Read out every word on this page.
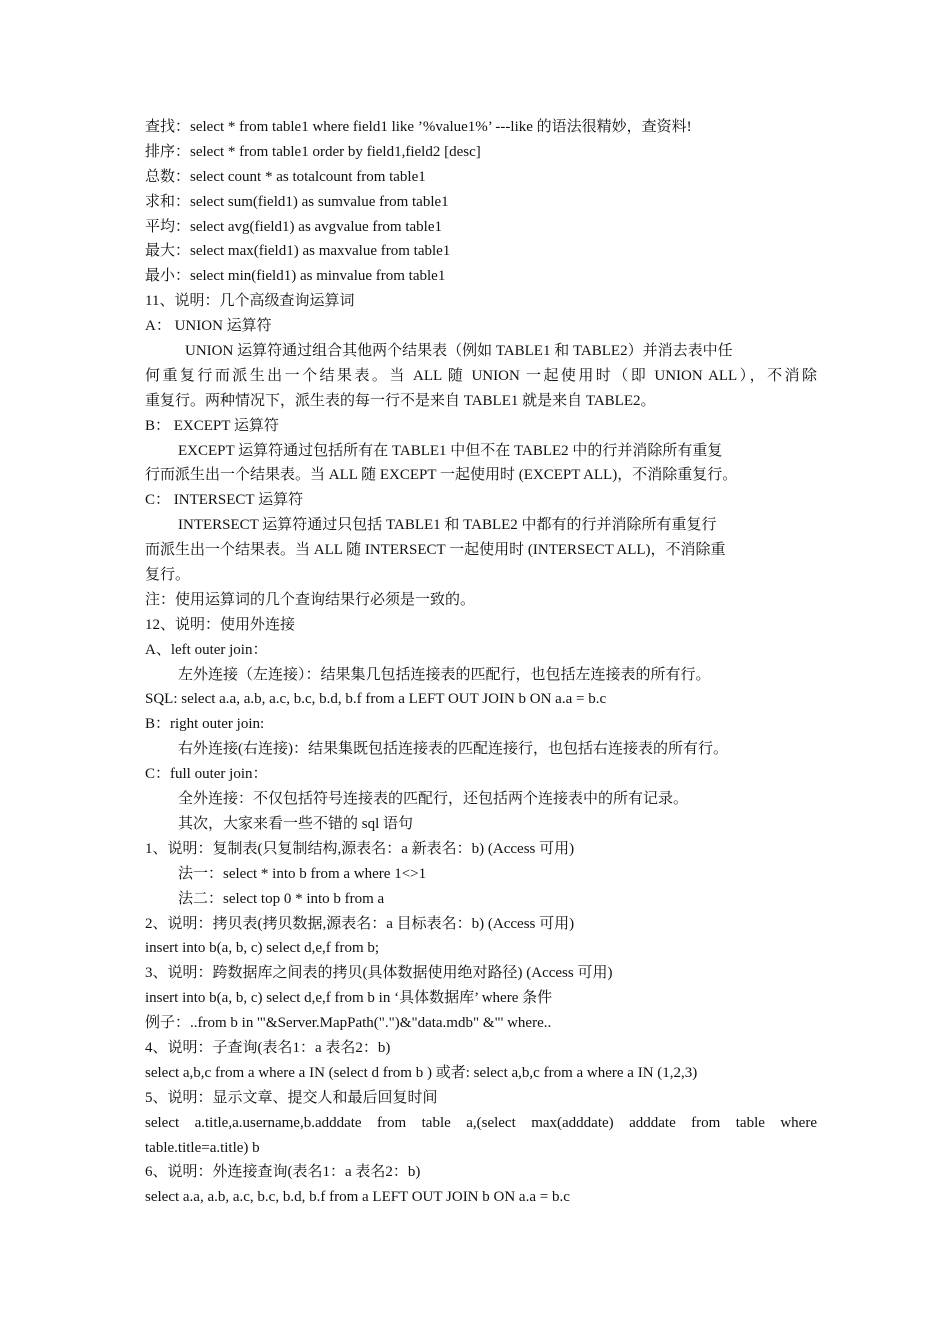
查找：select * from table1 where field1 like ’%value1%’ ---like 的语法很精妙，查资料!
排序：select * from table1 order by field1,field2 [desc]
总数：select count * as totalcount from table1
求和：select sum(field1) as sumvalue from table1
平均：select avg(field1) as avgvalue from table1
最大：select max(field1) as maxvalue from table1
最小：select min(field1) as minvalue from table1
11、说明：几个高级查询运算词
A： UNION 运算符
UNION 运算符通过组合其他两个结果表（例如 TABLE1 和 TABLE2）并消去表中任
何重复行而派生出一个结果表。当 ALL 随 UNION 一起使用时（即 UNION ALL），不消除
重复行。两种情况下，派生表的每一行不是来自 TABLE1 就是来自 TABLE2。
B： EXCEPT 运算符
EXCEPT 运算符通过包括所有在 TABLE1 中但不在 TABLE2 中的行并消除所有重复
行而派生出一个结果表。当 ALL 随 EXCEPT 一起使用时 (EXCEPT ALL)，不消除重复行。
C： INTERSECT 运算符
INTERSECT 运算符通过只包括 TABLE1 和 TABLE2 中都有的行并消除所有重复行
而派生出一个结果表。当 ALL 随 INTERSECT 一起使用时 (INTERSECT ALL)，不消除重
复行。
注：使用运算词的几个查询结果行必须是一致的。
12、说明：使用外连接
A、left outer join：
左外连接（左连接）：结果集几包括连接表的匹配行，也包括左连接表的所有行。
SQL: select a.a, a.b, a.c, b.c, b.d, b.f from a LEFT OUT JOIN b ON a.a = b.c
B：right outer join:
右外连接(右连接)：结果集既包括连接表的匹配连接行，也包括右连接表的所有行。
C：full outer join：
全外连接：不仅包括符号连接表的匹配行，还包括两个连接表中的所有记录。
其次，大家来看一些不错的 sql 语句
1、说明：复制表(只复制结构,源表名：a 新表名：b) (Access 可用)
法一：select * into b from a where 1<>1
法二：select top 0 * into b from a
2、说明：拷贝表(拷贝数据,源表名：a 目标表名：b) (Access 可用)
insert into b(a, b, c) select d,e,f from b;
3、说明：跨数据库之间表的拷贝(具体数据使用绝对路径) (Access 可用)
insert into b(a, b, c) select d,e,f from b in ‘具体数据库’ where 条件
例子：..from b in '"&Server.MapPath(".")&"data.mdb" &"' where..
4、说明：子查询(表名1：a 表名2：b)
select a,b,c from a where a IN (select d from b ) 或者: select a,b,c from a where a IN (1,2,3)
5、说明：显示文章、提交人和最后回复时间
select a.title,a.username,b.adddate from table a,(select max(adddate) adddate from table where
table.title=a.title) b
6、说明：外连接查询(表名1：a 表名2：b)
select a.a, a.b, a.c, b.c, b.d, b.f from a LEFT OUT JOIN b ON a.a = b.c
